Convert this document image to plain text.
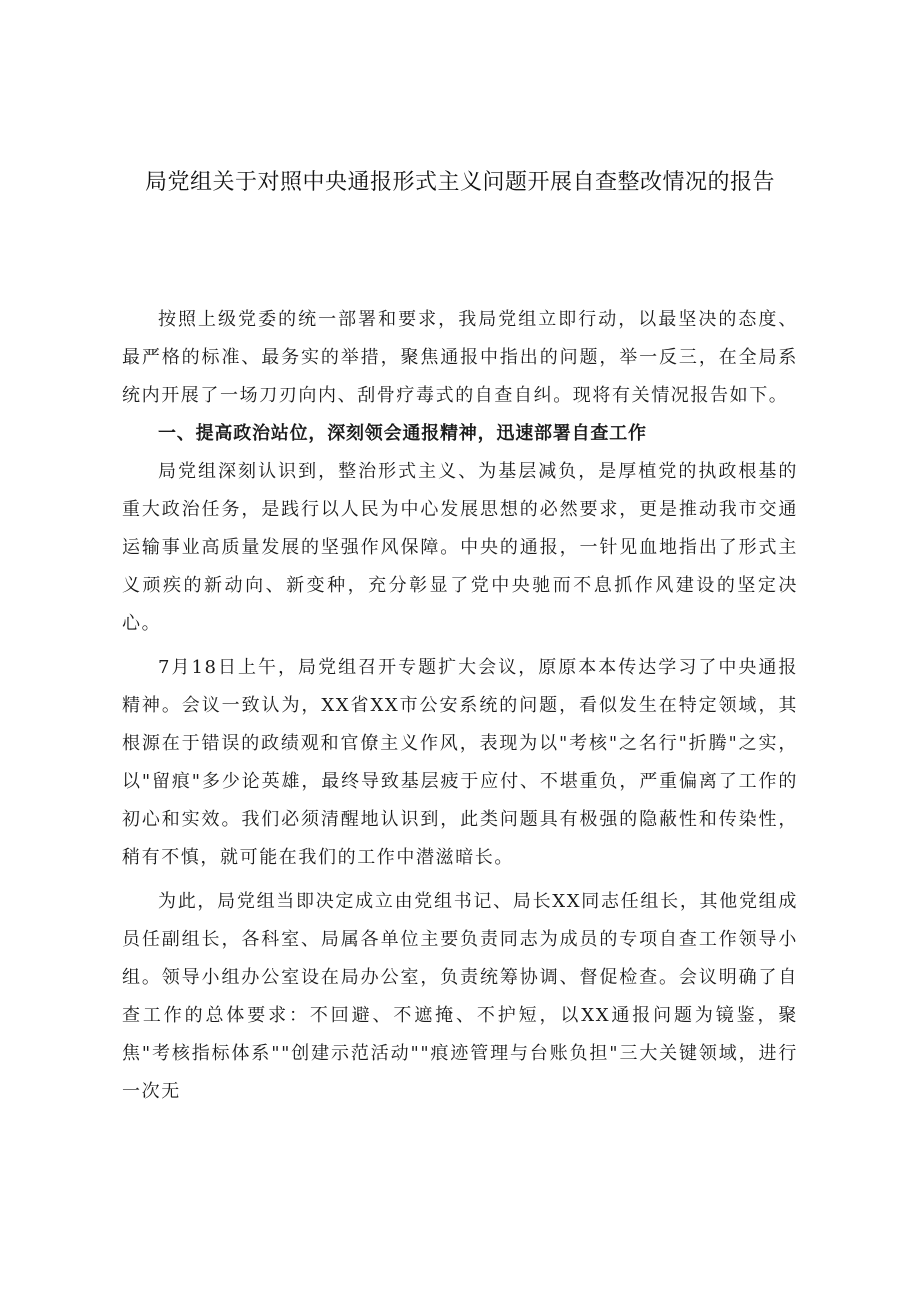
局党组关于对照中央通报形式主义问题开展自查整改情况的报告

按照上级党委的统一部署和要求，我局党组立即行动，以最坚决的态度、最严格的标准、最务实的举措，聚焦通报中指出的问题，举一反三，在全局系统内开展了一场刀刃向内、刮骨疗毒式的自查自纠。现将有关情况报告如下。

一、提高政治站位，深刻领会通报精神，迅速部署自查工作

局党组深刻认识到，整治形式主义、为基层减负，是厚植党的执政根基的重大政治任务，是践行以人民为中心发展思想的必然要求，更是推动我市交通运输事业高质量发展的坚强作风保障。中央的通报，一针见血地指出了形式主义顽疾的新动向、新变种，充分彰显了党中央驰而不息抓作风建设的坚定决心。

7月18日上午，局党组召开专题扩大会议，原原本本传达学习了中央通报精神。会议一致认为，XX省XX市公安系统的问题，看似发生在特定领域，其根源在于错误的政绩观和官僚主义作风，表现为以"考核"之名行"折腾"之实，以"留痕"多少论英雄，最终导致基层疲于应付、不堪重负，严重偏离了工作的初心和实效。我们必须清醒地认识到，此类问题具有极强的隐蔽性和传染性，稍有不慎，就可能在我们的工作中潜滋暗长。

为此，局党组当即决定成立由党组书记、局长XX同志任组长，其他党组成员任副组长，各科室、局属各单位主要负责同志为成员的专项自查工作领导小组。领导小组办公室设在局办公室，负责统筹协调、督促检查。会议明确了自查工作的总体要求：不回避、不遮掩、不护短，以XX通报问题为镜鉴，聚焦"考核指标体系""创建示范活动""痕迹管理与台账负担"三大关键领域，进行一次无
